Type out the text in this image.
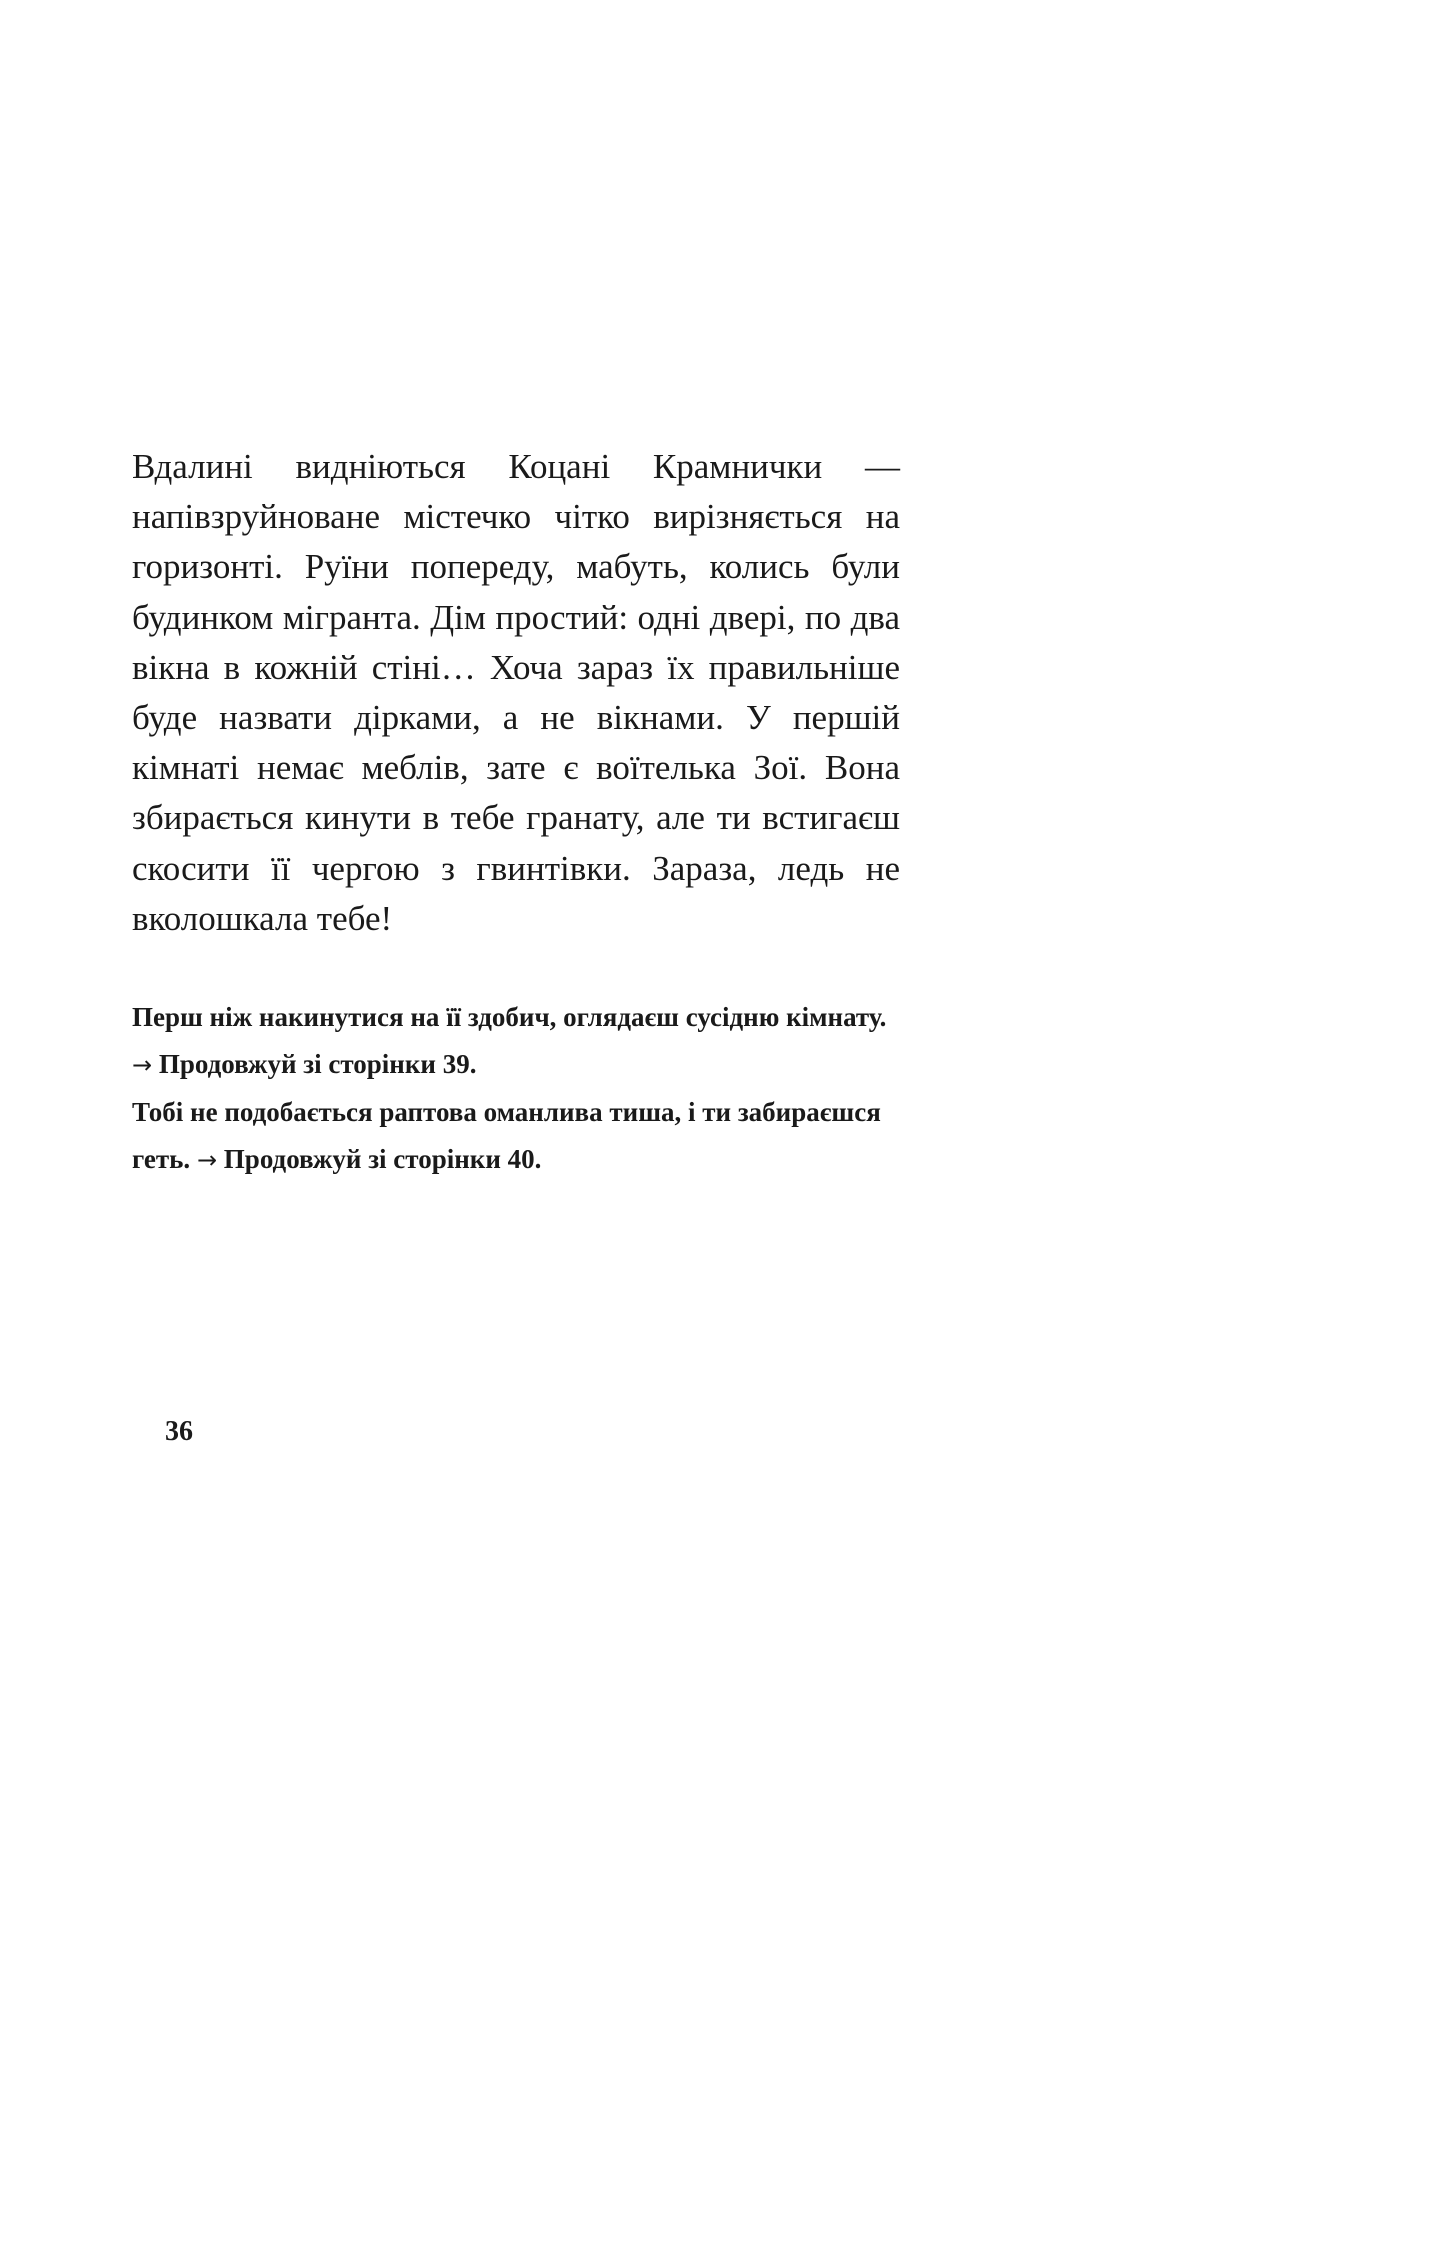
Вдалині видніються Коцані Крамнички — напівзруйноване містечко чітко вирізняється на горизонті. Руїни попереду, мабуть, колись були будинком мігранта. Дім простий: одні двері, по два вікна в кожній стіні… Хоча зараз їх правильніше буде назвати дірками, а не вікнами. У першій кімнаті немає меблів, зате є воїтелька Зої. Вона збирається кинути в тебе гранату, але ти встигаєш скосити її чергою з гвинтівки. Зараза, ледь не вколошкала тебе!

Перш ніж накинутися на її здобич, оглядаєш сусідню кімнату. → Продовжуй зі сторінки 39.

Тобі не подобається раптова оманлива тиша, і ти забираєшся геть. → Продовжуй зі сторінки 40.

36
